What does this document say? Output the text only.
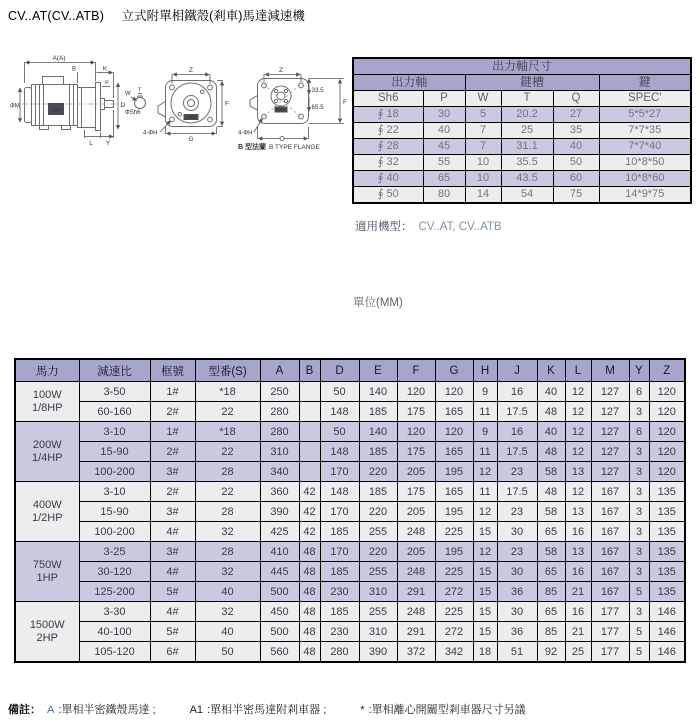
CV..AT(CV..ATB) 立式附單相鐵殼(剎車)馬達減速機
A(A)
B	K
P
ΦM	D
L Y
CPG
W
T
ΦSh6
Z
F
G
4-ΦH
CPG
Z
33.5
65.5
F
4-ΦH
CPG
B 型法蘭 B TYPE FLANGE
出力軸尺寸					
出力軸		鍵槽			鍵
Sh6	P	W	T	Q	SPEC'
∮ 18	30	5	20.2	27	5*5*27
∮ 22	40	7	25	35	7*7*35
∮ 28	45	7	31.1	40	7*7*40
∮ 32	55	10	35.5	50	10*8*50
∮ 40	65	10	43.5	60	10*8*60
∮ 50	80	14	54	75	14*9*75
適用機型： CV..AT, CV..ATB
單位(MM)
馬力	減速比	框號	型番(S)	A	B	D	E	F	G	H	J	K	L	M	Y	Z
100W
1/8HP	3-50	1#	*18	250		50	140	120	120	9	16	40	12	127	6	120
	60-160	2#	22	280		148	185	175	165	11	17.5	48	12	127	3	120
200W
1/4HP	3-10	1#	*18	280		50	140	120	120	9	16	40	12	127	6	120
	15-90	2#	22	310		148	185	175	165	11	17.5	48	12	127	3	120
	100-200	3#	28	340		170	220	205	195	12	23	58	13	127	3	120
400W
1/2HP	3-10	2#	22	360	42	148	185	175	165	11	17.5	48	12	167	3	135
	15-90	3#	28	390	42	170	220	205	195	12	23	58	13	167	3	135
	100-200	4#	32	425	42	185	255	248	225	15	30	65	16	167	3	135
750W
1HP	3-25	3#	28	410	48	170	220	205	195	12	23	58	13	167	3	135
	30-120	4#	32	445	48	185	255	248	225	15	30	65	16	167	3	135
	125-200	5#	40	500	48	230	310	291	272	15	36	85	21	167	5	135
1500W
2HP	3-30	4#	32	450	48	185	255	248	225	15	30	65	16	177	3	146
	40-100	5#	40	500	48	230	310	291	272	15	36	85	21	177	5	146
	105-120	6#	50	560	48	280	390	372	342	18	51	92	25	177	5	146
備註： A :單相半密鐵殼馬達 ;	A1 :單相半密馬達附剎車器 ;	* :單相離心開關型剎車器尺寸另議
